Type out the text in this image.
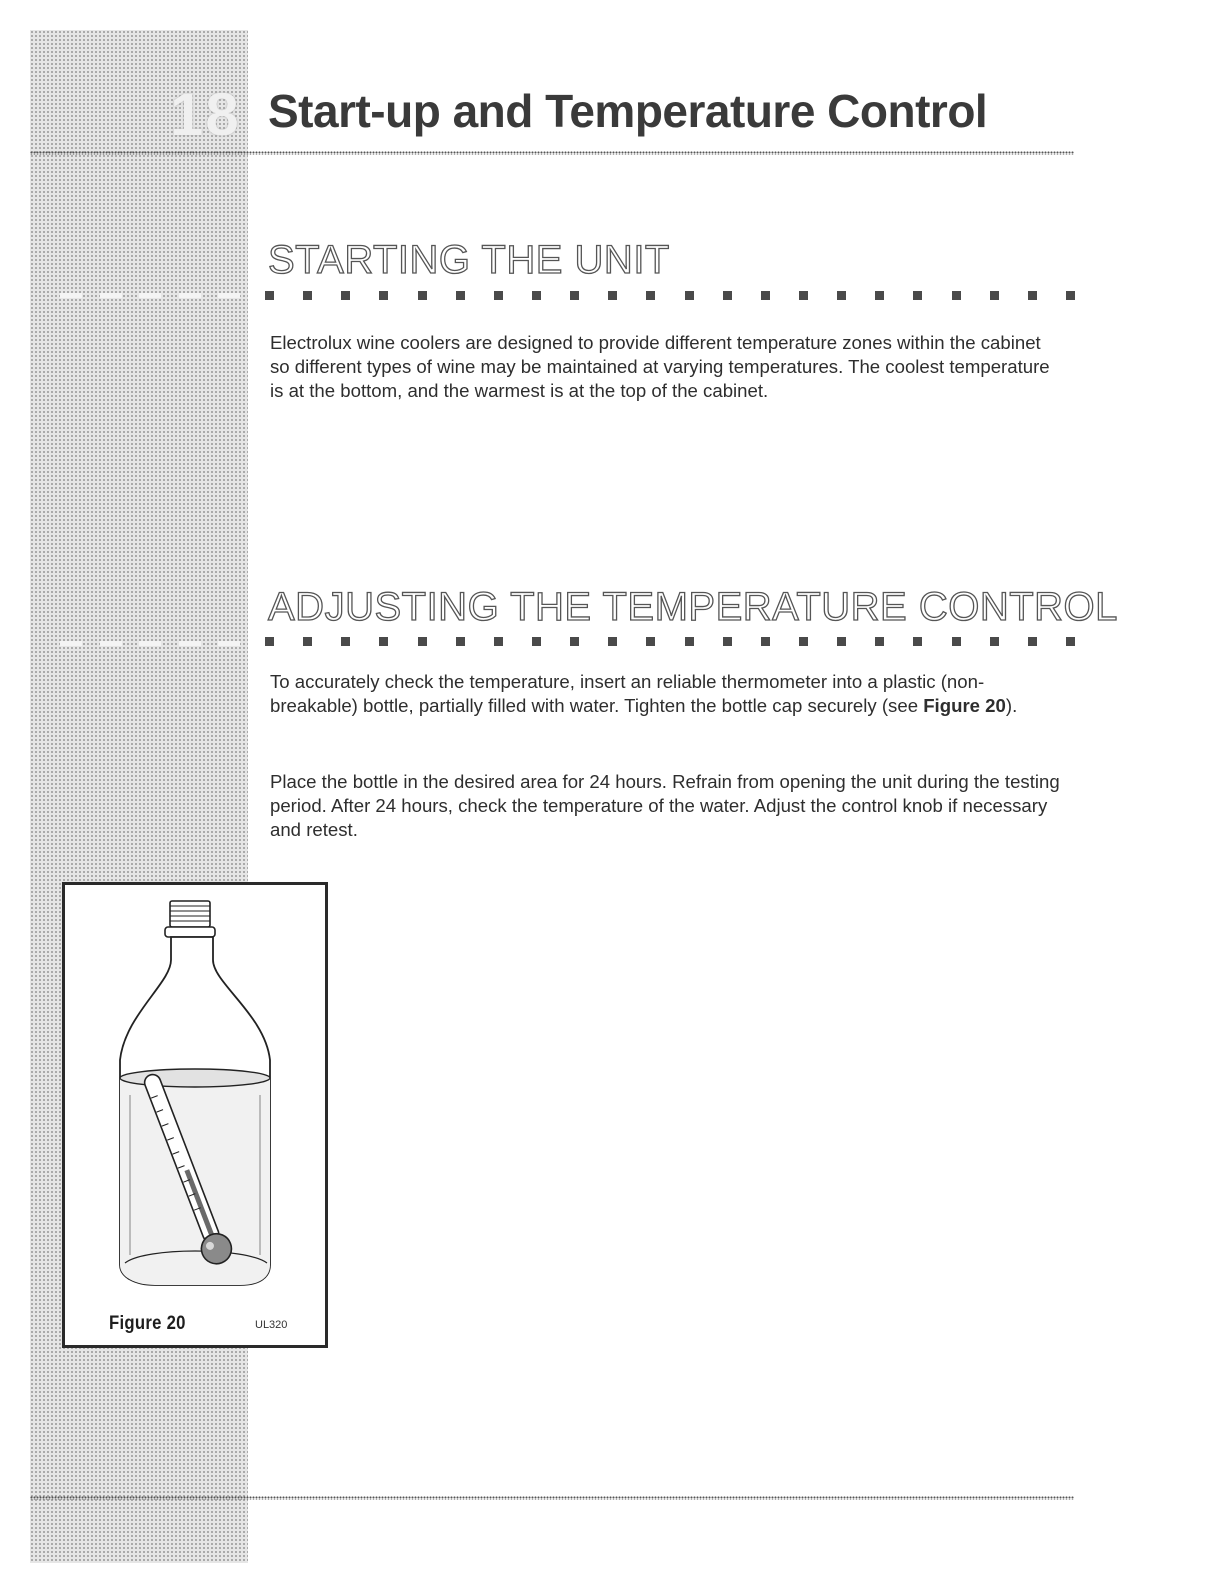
18 Start-up and Temperature Control
STARTING THE UNIT

Electrolux wine coolers are designed to provide different temperature zones within the cabinet so different types of wine may be maintained at varying temperatures. The coolest temperature is at the bottom, and the warmest is at the top of the cabinet.

ADJUSTING THE TEMPERATURE CONTROL

To accurately check the temperature, insert an reliable thermometer into a plastic (non-breakable) bottle, partially filled with water. Tighten the bottle cap securely (see Figure 20).

Place the bottle in the desired area for 24 hours. Refrain from opening the unit during the testing period. After 24 hours, check the temperature of the water. Adjust the control knob if necessary and retest.

Figure 20	UL320
